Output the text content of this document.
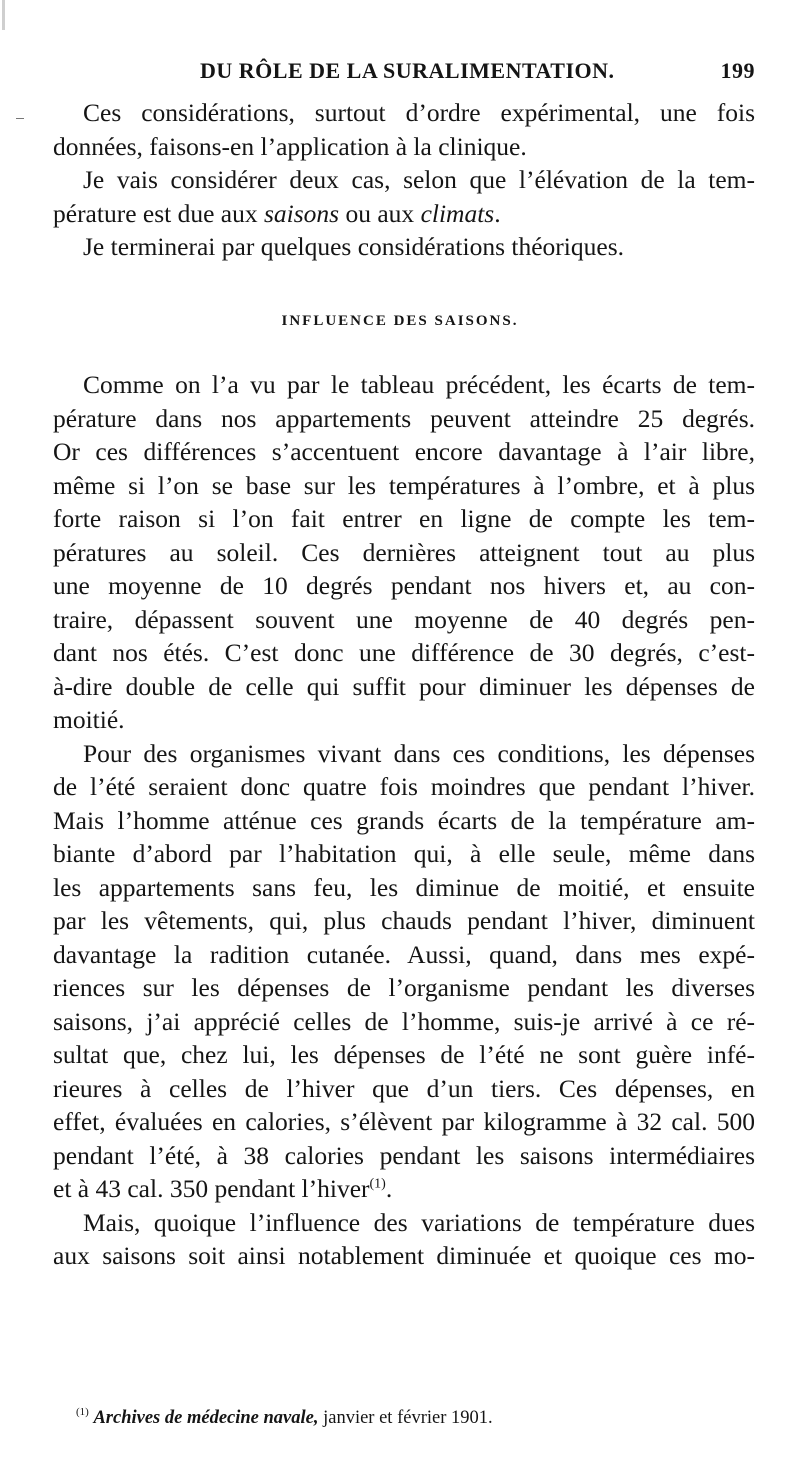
DU RÔLE DE LA SURALIMENTATION.	199
Ces considérations, surtout d’ordre expérimental, une fois
données, faisons-en l’application à la clinique.
Je vais considérer deux cas, selon que l’élévation de la tem-
pérature est due aux saisons ou aux climats.
Je terminerai par quelques considérations théoriques.
INFLUENCE DES SAISONS.
Comme on l’a vu par le tableau précédent, les écarts de tem-
pérature dans nos appartements peuvent atteindre 25 degrés.
Or ces différences s’accentuent encore davantage à l’air libre,
même si l’on se base sur les températures à l’ombre, et à plus
forte raison si l’on fait entrer en ligne de compte les tem-
pératures au soleil. Ces dernières atteignent tout au plus
une moyenne de 10 degrés pendant nos hivers et, au con-
traire, dépassent souvent une moyenne de 40 degrés pen-
dant nos étés. C’est donc une différence de 30 degrés, c’est-
à-dire double de celle qui suffit pour diminuer les dépenses de
moitié.
Pour des organismes vivant dans ces conditions, les dépenses
de l’été seraient donc quatre fois moindres que pendant l’hiver.
Mais l’homme atténue ces grands écarts de la température am-
biante d’abord par l’habitation qui, à elle seule, même dans
les appartements sans feu, les diminue de moitié, et ensuite
par les vêtements, qui, plus chauds pendant l’hiver, diminuent
davantage la radition cutanée. Aussi, quand, dans mes expé-
riences sur les dépenses de l’organisme pendant les diverses
saisons, j’ai apprécié celles de l’homme, suis-je arrivé à ce ré-
sultat que, chez lui, les dépenses de l’été ne sont guère infé-
rieures à celles de l’hiver que d’un tiers. Ces dépenses, en
effet, évaluées en calories, s’élèvent par kilogramme à 32 cal. 500
pendant l’été, à 38 calories pendant les saisons intermédiaires
et à 43 cal. 350 pendant l’hiver$^{(1)}$.
Mais, quoique l’influence des variations de température dues
aux saisons soit ainsi notablement diminuée et quoique ces mo-
$^{(1)}$ Archives de médecine navale, janvier et février 1901.
